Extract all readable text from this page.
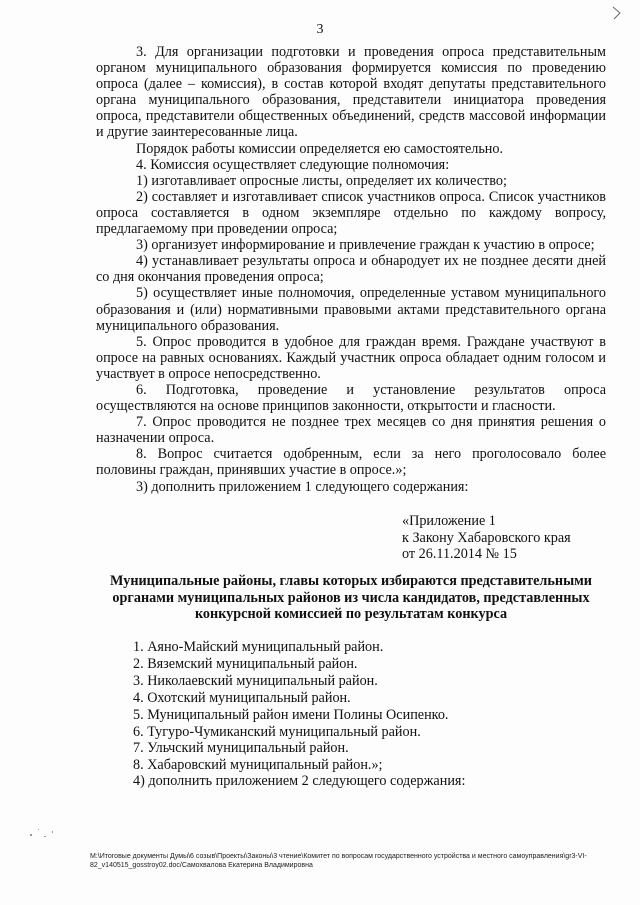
3

3. Для организации подготовки и проведения опроса представительным органом муниципального образования формируется комиссия по проведению опроса (далее – комиссия), в состав которой входят депутаты представительного органа муниципального образования, представители инициатора проведения опроса, представители общественных объединений, средств массовой информации и другие заинтересованные лица.

Порядок работы комиссии определяется ею самостоятельно.

4. Комиссия осуществляет следующие полномочия:

1) изготавливает опросные листы, определяет их количество;

2) составляет и изготавливает список участников опроса. Список участников опроса составляется в одном экземпляре отдельно по каждому вопросу, предлагаемому при проведении опроса;

3) организует информирование и привлечение граждан к участию в опросе;

4) устанавливает результаты опроса и обнародует их не позднее десяти дней со дня окончания проведения опроса;

5) осуществляет иные полномочия, определенные уставом муниципального образования и (или) нормативными правовыми актами представительного органа муниципального образования.

5. Опрос проводится в удобное для граждан время. Граждане участвуют в опросе на равных основаниях. Каждый участник опроса обладает одним голосом и участвует в опросе непосредственно.

6. Подготовка, проведение и установление результатов опроса осуществляются на основе принципов законности, открытости и гласности.

7. Опрос проводится не позднее трех месяцев со дня принятия решения о назначении опроса.

8. Вопрос считается одобренным, если за него проголосовало более половины граждан, принявших участие в опросе.»;

3) дополнить приложением 1 следующего содержания:

«Приложение 1
к Закону Хабаровского края
от 26.11.2014 № 15
Муниципальные районы, главы которых избираются представительными органами муниципальных районов из числа кандидатов, представленных конкурсной комиссией по результатам конкурса
1. Аяно-Майский муниципальный район.
2. Вяземский муниципальный район.
3. Николаевский муниципальный район.
4. Охотский муниципальный район.
5. Муниципальный район имени Полины Осипенко.
6. Тугуро-Чумиканский муниципальный район.
7. Ульчский муниципальный район.
8. Хабаровский муниципальный район.»;
4) дополнить приложением 2 следующего содержания:
M:\Итоговые документы Думы\6 созыв\Проекты\Законы\3 чтение\Комитет по вопросам государственного устройства и местного самоуправления\gr3-VI-
82_v140515_gosstroy02.doc/Самохвалова Екатерина Владимировна
